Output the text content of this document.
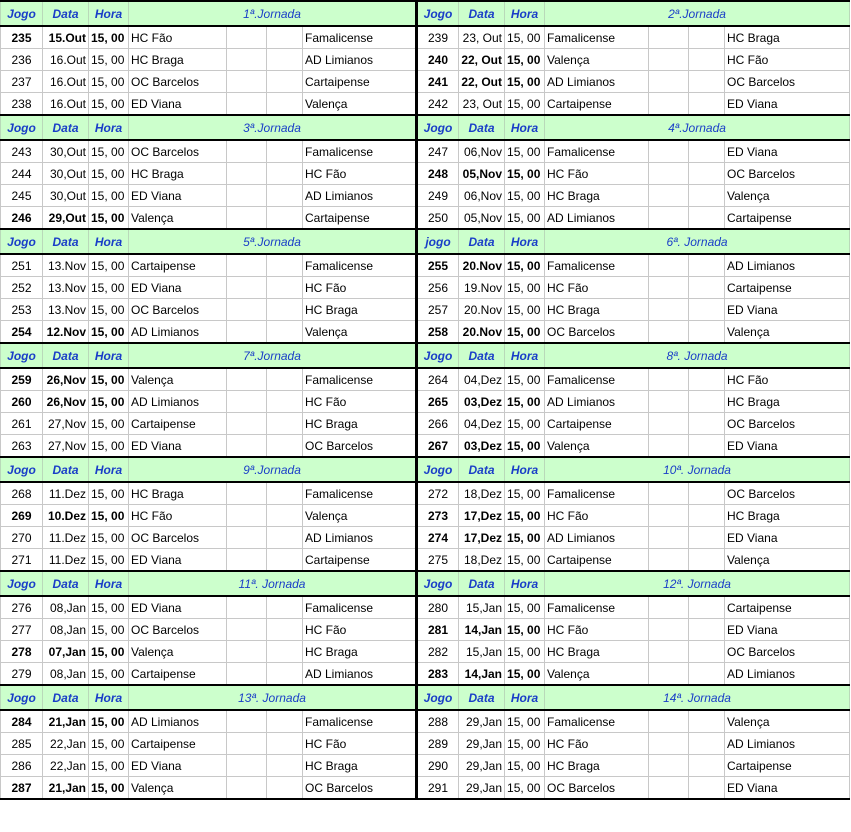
Jogo	Data	Hora	1ª.Jornada				Jogo	Data	Hora	2ª.Jornada			
235	15.Out	15, 00	HC Fão			Famalicense	239	23, Out	15, 00	Famalicense			HC Braga
236	16.Out	15, 00	HC Braga			AD Limianos	240	22, Out	15, 00	Valença			HC Fão
237	16.Out	15, 00	OC Barcelos			Cartaipense	241	22, Out	15, 00	AD Limianos			OC Barcelos
238	16.Out	15, 00	ED Viana			Valença	242	23, Out	15, 00	Cartaipense			ED Viana
Jogo	Data	Hora	3ª.Jornada				Jogo	Data	Hora	4ª.Jornada			
243	30,Out	15, 00	OC Barcelos			Famalicense	247	06,Nov	15, 00	Famalicense			ED Viana
244	30,Out	15, 00	HC Braga			HC Fão	248	05,Nov	15, 00	HC Fão			OC Barcelos
245	30,Out	15, 00	ED Viana			AD Limianos	249	06,Nov	15, 00	HC Braga			Valença
246	29,Out	15, 00	Valença			Cartaipense	250	05,Nov	15, 00	AD Limianos			Cartaipense
Jogo	Data	Hora	5ª.Jornada				jogo	Data	Hora	6ª. Jornada			
251	13.Nov	15, 00	Cartaipense			Famalicense	255	20.Nov	15, 00	Famalicense			AD Limianos
252	13.Nov	15, 00	ED Viana			HC Fão	256	19.Nov	15, 00	HC Fão			Cartaipense
253	13.Nov	15, 00	OC Barcelos			HC Braga	257	20.Nov	15, 00	HC Braga			ED Viana
254	12.Nov	15, 00	AD Limianos			Valença	258	20.Nov	15, 00	OC Barcelos			Valença
Jogo	Data	Hora	7ª.Jornada				Jogo	Data	Hora	8ª. Jornada			
259	26,Nov	15, 00	Valença			Famalicense	264	04,Dez	15, 00	Famalicense			HC Fão
260	26,Nov	15, 00	AD Limianos			HC Fão	265	03,Dez	15, 00	AD Limianos			HC Braga
261	27,Nov	15, 00	Cartaipense			HC Braga	266	04,Dez	15, 00	Cartaipense			OC Barcelos
263	27,Nov	15, 00	ED Viana			OC Barcelos	267	03,Dez	15, 00	Valença			ED Viana
Jogo	Data	Hora	9ª.Jornada				Jogo	Data	Hora	10ª. Jornada			
268	11.Dez	15, 00	HC Braga			Famalicense	272	18,Dez	15, 00	Famalicense			OC Barcelos
269	10.Dez	15, 00	HC Fão			Valença	273	17,Dez	15, 00	HC Fão			HC Braga
270	11.Dez	15, 00	OC Barcelos			AD Limianos	274	17,Dez	15, 00	AD Limianos			ED Viana
271	11.Dez	15, 00	ED Viana			Cartaipense	275	18,Dez	15, 00	Cartaipense			Valença
Jogo	Data	Hora	11ª. Jornada				Jogo	Data	Hora	12ª. Jornada			
276	08,Jan	15, 00	ED Viana			Famalicense	280	15,Jan	15, 00	Famalicense			Cartaipense
277	08,Jan	15, 00	OC Barcelos			HC Fão	281	14,Jan	15, 00	HC Fão			ED Viana
278	07,Jan	15, 00	Valença			HC Braga	282	15,Jan	15, 00	HC Braga			OC Barcelos
279	08,Jan	15, 00	Cartaipense			AD Limianos	283	14,Jan	15, 00	Valença			AD Limianos
Jogo	Data	Hora	13ª. Jornada				Jogo	Data	Hora	14ª. Jornada			
284	21,Jan	15, 00	AD Limianos			Famalicense	288	29,Jan	15, 00	Famalicense			Valença
285	22,Jan	15, 00	Cartaipense			HC Fão	289	29,Jan	15, 00	HC Fão			AD Limianos
286	22,Jan	15, 00	ED Viana			HC Braga	290	29,Jan	15, 00	HC Braga			Cartaipense
287	21,Jan	15, 00	Valença			OC Barcelos	291	29,Jan	15, 00	OC Barcelos			ED Viana
